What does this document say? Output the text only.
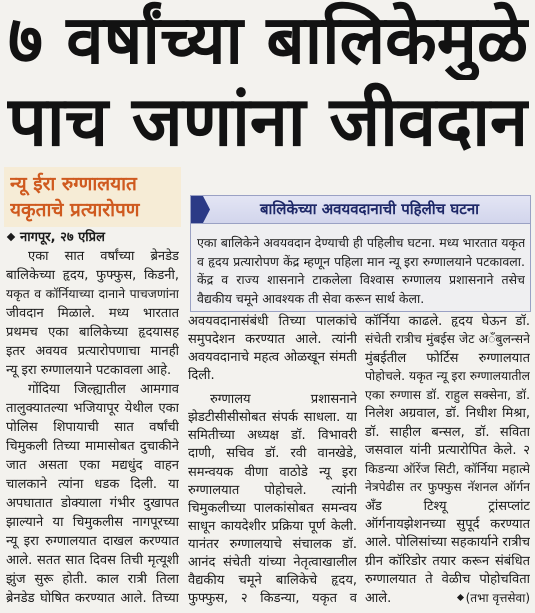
७ वर्षांच्या बालिकेमुळे
पाच जणांना जीवदान
न्यू ईरा रुग्णालयात
यकृताचे प्रत्यारोपण	बालिकेच्या अवयवदानाची पहिलीच घटना
एका बालिकेने अवयवदान देण्याची ही पहिलीच घटना. मध्य भारतात यकृत
व हृदय प्रत्यारोपण केंद्र म्हणून पहिला मान न्यू इरा रुग्णालयाने पटकावला.
केंद्र व राज्य शासनाने टाकलेला विश्वास रुग्णालय प्रशासनाने तसेच
वैद्यकीय चमूने आवश्यक ती सेवा करून सार्थ केला.
नागपूर, २७ एप्रिल
एका सात वर्षांच्या ब्रेनडेड
बालिकेच्या हृदय, फुफ्फुस, किडनी,
यकृत व कॉर्नियाच्या दानाने पाचजणांना
जीवदान मिळाले. मध्य भारतात
प्रथमच एका बालिकेच्या हृदयासह
इतर अवयव प्रत्यारोपणाचा मानही
न्यू इरा रुग्णालयाने पटकावला आहे.
गोंदिया जिल्ह्यातील आमगाव
तालुक्यातल्या भजियापूर येथील एका
पोलिस शिपायाची सात वर्षांची
चिमुकली तिच्या मामासोबत दुचाकीने
जात असता एका मद्यधुंद वाहन
चालकाने त्यांना धडक दिली. या
अपघातात डोक्याला गंभीर दुखापत
झाल्याने या चिमुकलीस नागपूरच्या
न्यू इरा रुग्णालयात दाखल करण्यात
आले. सतत सात दिवस तिची मृत्यूशी
झुंज सुरू होती. काल रात्री तिला
ब्रेनडेड घोषित करण्यात आले. तिच्या
अवयवदानासंबंधी तिच्या पालकांचे
समुपदेशन करण्यात आले. त्यांनी
अवयवदानाचे महत्व ओळखून संमती
दिली.
रुग्णालय प्रशासनाने
झेडटीसीसीसोबत संपर्क साधला. या
समितीच्या अध्यक्ष डॉ. विभावरी
दाणी, सचिव डॉ. रवी वानखेडे,
समन्वयक वीणा वाठोडे न्यू इरा
रुग्णालयात पोहोचले. त्यांनी
चिमुकलीच्या पालकांसोबत समन्वय
साधून कायदेशीर प्रक्रिया पूर्ण केली.
यानंतर रुग्णालयाचे संचालक डॉ.
आनंद संचेती यांच्या नेतृत्वाखालील
वैद्यकीय चमूने बालिकेचे हृदय,
फुफ्फुस, २ किडन्या, यकृत व
कॉर्निया काढले. हृदय घेऊन डॉ.
संचेती रात्रीच मुंबईस जेट अॅंबुलन्सने
मुंबईतील फोर्टिस रुग्णालयात
पोहोचले. यकृत न्यू इरा रुग्णालयातील
एका रुग्णास डॉ. राहुल सक्सेना, डॉ.
निलेश अग्रवाल, डॉ. निधीश मिश्रा,
डॉ. साहील बन्सल, डॉ. सविता
जसवाल यांनी प्रत्यारोपित केले. २
किडन्या ऑरेंज सिटी, कॉर्निया महात्मे
नेत्रपेढीस तर फुफ्फुस नॅशनल ऑर्गन
अँड टिश्यू ट्रांसप्लांट
ऑर्गनायझेशनच्या सुपूर्द करण्यात
आले. पोलिसांच्या सहकार्याने रात्रीच
ग्रीन कॉरिडोर तयार करून संबंधित
रुग्णालयात ते वेळीच पोहोचविता
आले.	(तभा वृत्तसेवा)
